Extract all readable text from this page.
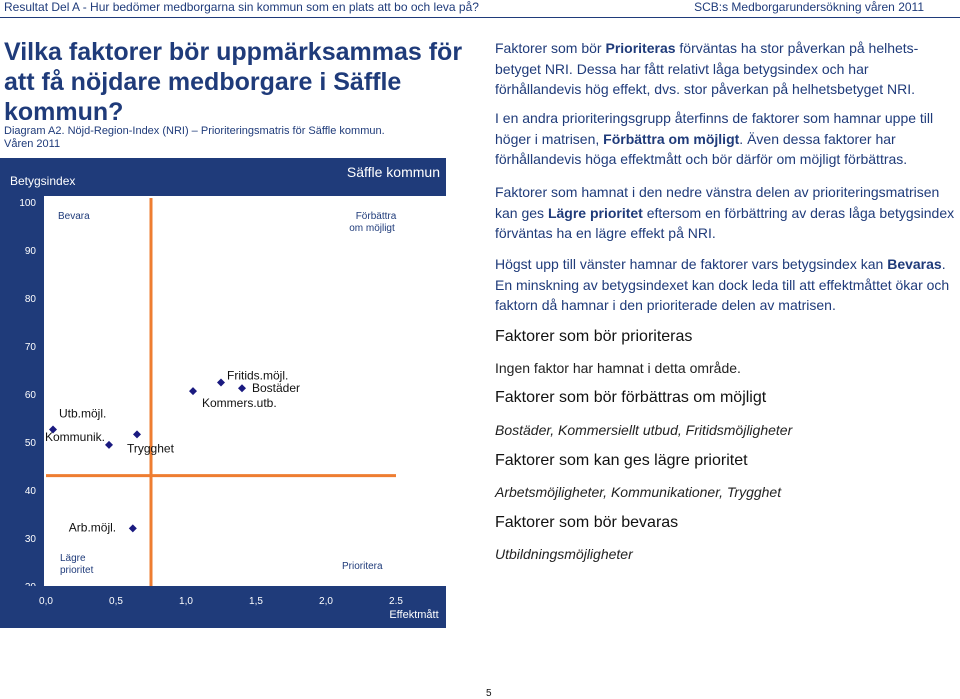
Resultat Del A - Hur bedömer medborgarna sin kommun som en plats att bo och leva på?	SCB:s Medborgarundersökning våren 2011
Vilka faktorer bör uppmärksammas för att få nöjdare medborgare i Säffle kommun?
Diagram A2. Nöjd-Region-Index (NRI) – Prioriteringsmatris för Säffle kommun.
Våren 2011
Betygsindex
Säffle kommun
100
90
80
70
60
50
40
30
0,0	0,5	1,0	1,5	2,0	2.5
Effektmått
Bevara	Förbättra
om möjligt
Lägre
prioritet	Prioritera
Utb.möjl.
Kommunik.
Trygghet
Arb.möjl.
Kommers.utb.
Fritids.möjl.
Bostäder

Faktorer som bör Prioriteras förväntas ha stor påverkan på helhets-betyget NRI. Dessa har fått relativt låga betygsindex och har förhållandevis hög effekt, dvs. stor påverkan på helhetsbetyget NRI.

I en andra prioriteringsgrupp återfinns de faktorer som hamnar uppe till höger i matrisen, Förbättra om möjligt. Även dessa faktorer har förhållandevis höga effektmått och bör därför om möjligt förbättras.

Faktorer som hamnat i den nedre vänstra delen av prioriteringsmatrisen kan ges Lägre prioritet eftersom en förbättring av deras låga betygsindex förväntas ha en lägre effekt på NRI.

Högst upp till vänster hamnar de faktorer vars betygsindex kan Bevaras. En minskning av betygsindexet kan dock leda till att effektmåttet ökar och faktorn då hamnar i den prioriterade delen av matrisen.

Faktorer som bör prioriteras

Ingen faktor har hamnat i detta område.

Faktorer som bör förbättras om möjligt

Bostäder, Kommersiellt utbud, Fritidsmöjligheter

Faktorer som kan ges lägre prioritet

Arbetsmöjligheter, Kommunikationer, Trygghet

Faktorer som bör bevaras

Utbildningsmöjligheter

5
